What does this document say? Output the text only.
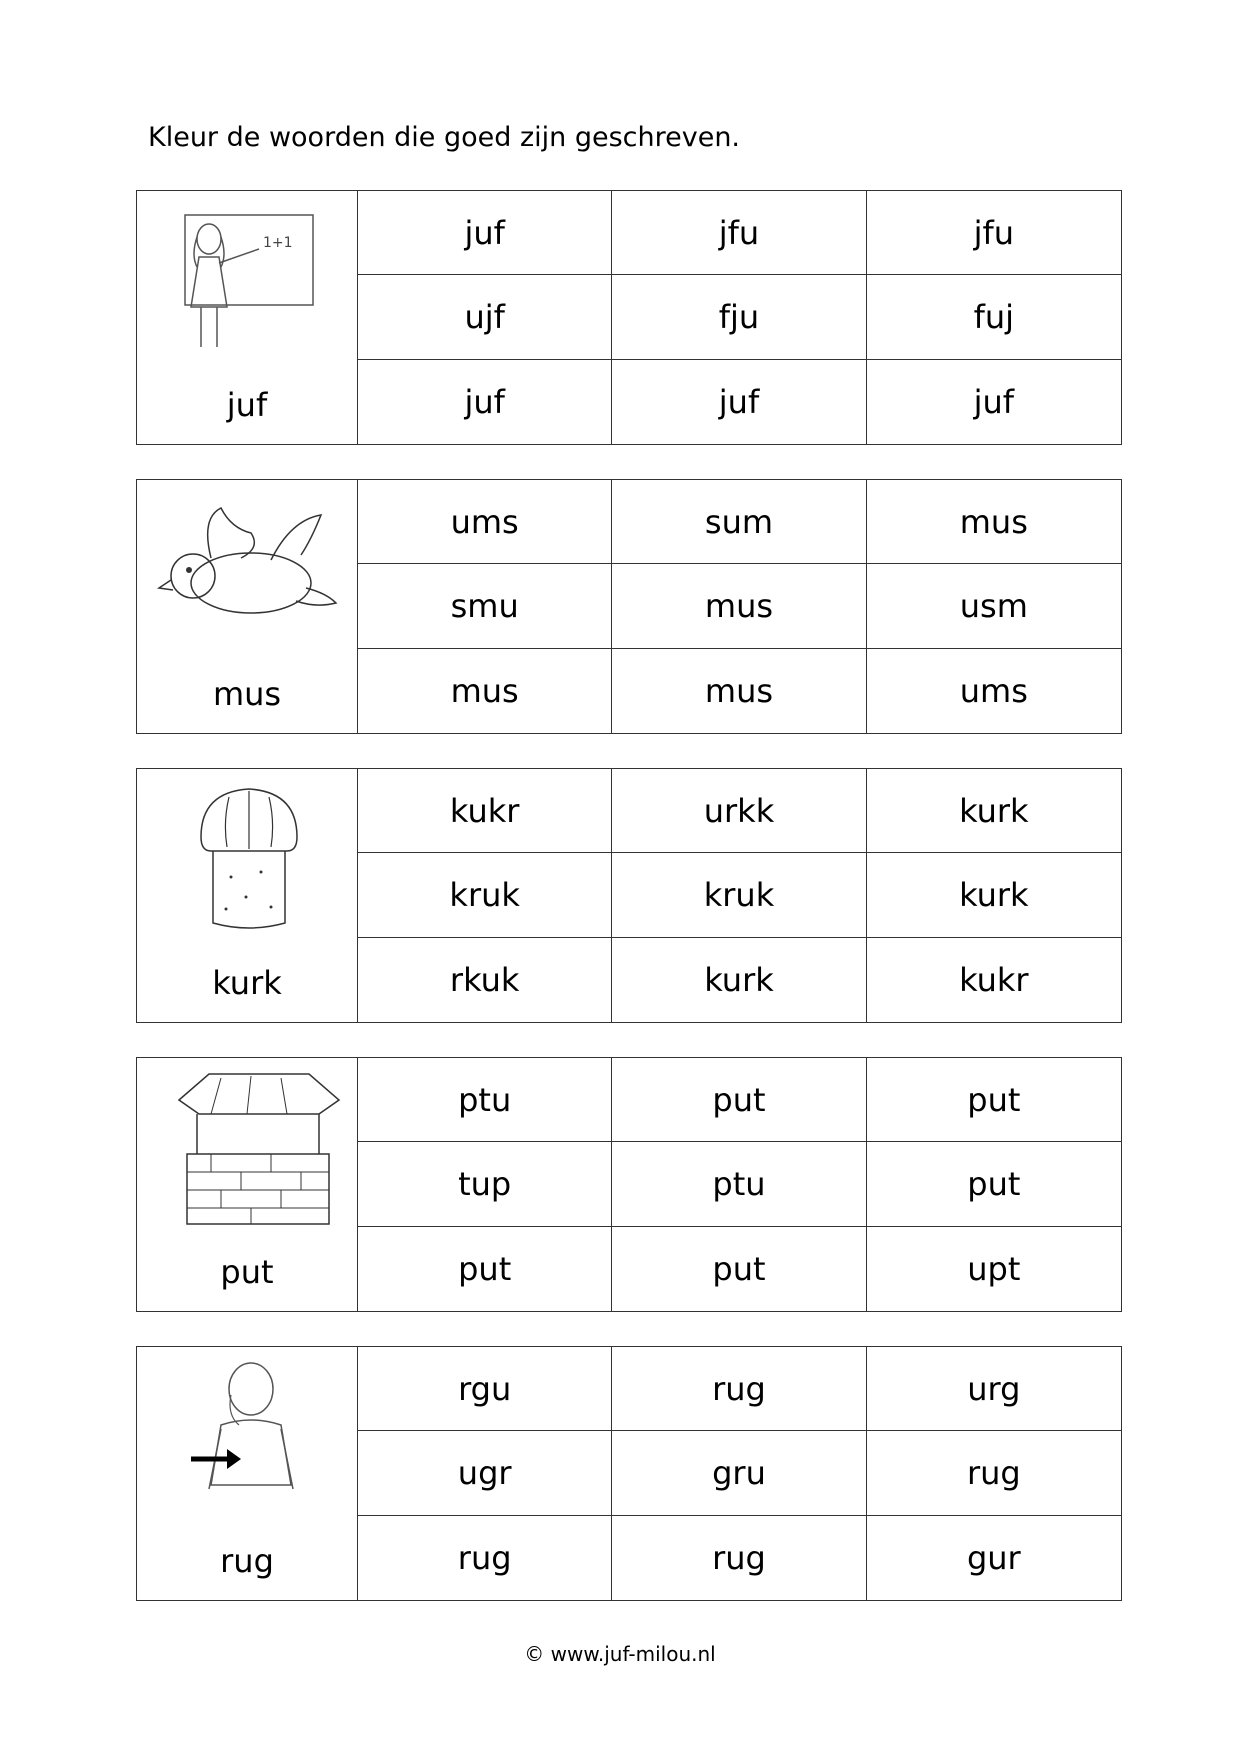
Kleur de woorden die goed zijn geschreven.
1+1
juf
juf	jfu	jfu
ujf	fju	fuj
juf	juf	juf
mus
ums	sum	mus
smu	mus	usm
mus	mus	ums
kurk
kukr	urkk	kurk
kruk	kruk	kurk
rkuk	kurk	kukr
put
ptu	put	put
tup	ptu	put
put	put	upt
rug
rgu	rug	urg
ugr	gru	rug
rug	rug	gur
© www.juf-milou.nl
